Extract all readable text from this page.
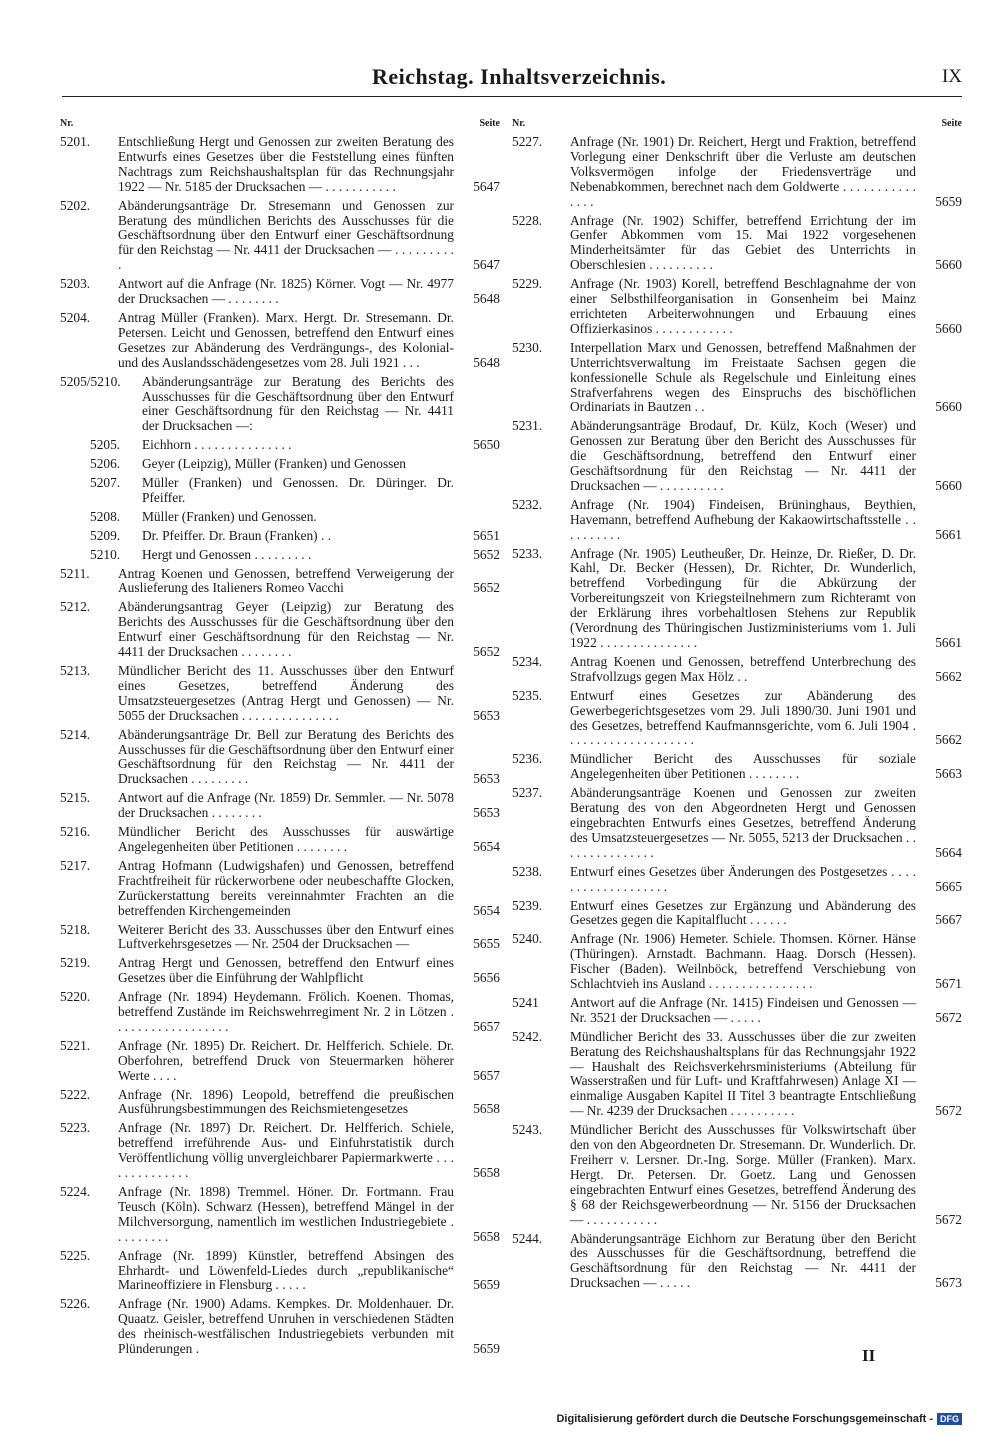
Reichstag. Inhaltsverzeichnis.	IX
Nr.	Seite
5201.	Entschließung Hergt und Genossen zur zweiten Beratung des Entwurfs eines Gesetzes über die Feststellung eines fünften Nachtrags zum Reichshaushaltsplan für das Rechnungsjahr 1922 — Nr. 5185 der Drucksachen — . . . . . . . . . . .	5647
5202.	Abänderungsanträge Dr. Stresemann und Genossen zur Beratung des mündlichen Berichts des Ausschusses für die Geschäftsordnung über den Entwurf einer Geschäftsordnung für den Reichstag — Nr. 4411 der Drucksachen — . . . . . . . . . .	5647
5203.	Antwort auf die Anfrage (Nr. 1825) Körner. Vogt — Nr. 4977 der Drucksachen — . . . . . . . .	5648
5204.	Antrag Müller (Franken). Marx. Hergt. Dr. Stresemann. Dr. Petersen. Leicht und Genossen, betreffend den Entwurf eines Gesetzes zur Abänderung des Verdrängungs-, des Kolonial- und des Auslandsschädengesetzes vom 28. Juli 1921 . . .	5648
5205/5210.	Abänderungsanträge zur Beratung des Berichts des Ausschusses für die Geschäftsordnung über den Entwurf einer Geschäftsordnung für den Reichstag — Nr. 4411 der Drucksachen —:
5205.	Eichhorn . . . . . . . . . . . . . . .	5650
5206.	Geyer (Leipzig), Müller (Franken) und Genossen
5207.	Müller (Franken) und Genossen. Dr. Düringer. Dr. Pfeiffer.
5208.	Müller (Franken) und Genossen.
5209.	Dr. Pfeiffer. Dr. Braun (Franken) . .	5651
5210.	Hergt und Genossen . . . . . . . . .	5652
5211.	Antrag Koenen und Genossen, betreffend Verweigerung der Auslieferung des Italieners Romeo Vacchi	5652
5212.	Abänderungsantrag Geyer (Leipzig) zur Beratung des Berichts des Ausschusses für die Geschäftsordnung über den Entwurf einer Geschäftsordnung für den Reichstag — Nr. 4411 der Drucksachen . . . . . . . .	5652
5213.	Mündlicher Bericht des 11. Ausschusses über den Entwurf eines Gesetzes, betreffend Änderung des Umsatzsteuergesetzes (Antrag Hergt und Genossen) — Nr. 5055 der Drucksachen . . . . . . . . . . . . . . .	5653
5214.	Abänderungsanträge Dr. Bell zur Beratung des Berichts des Ausschusses für die Geschäftsordnung über den Entwurf einer Geschäftsordnung für den Reichstag — Nr. 4411 der Drucksachen . . . . . . . . .	5653
5215.	Antwort auf die Anfrage (Nr. 1859) Dr. Semmler. — Nr. 5078 der Drucksachen . . . . . . . .	5653
5216.	Mündlicher Bericht des Ausschusses für auswärtige Angelegenheiten über Petitionen . . . . . . . .	5654
5217.	Antrag Hofmann (Ludwigshafen) und Genossen, betreffend Frachtfreiheit für rückerworbene oder neubeschaffte Glocken, Zurückerstattung bereits vereinnahmter Frachten an die betreffenden Kirchengemeinden	5654
5218.	Weiterer Bericht des 33. Ausschusses über den Entwurf eines Luftverkehrsgesetzes — Nr. 2504 der Drucksachen —	5655
5219.	Antrag Hergt und Genossen, betreffend den Entwurf eines Gesetzes über die Einführung der Wahlpflicht	5656
5220.	Anfrage (Nr. 1894) Heydemann. Frölich. Koenen. Thomas, betreffend Zustände im Reichswehrregiment Nr. 2 in Lötzen . . . . . . . . . . . . . . . . . .	5657
5221.	Anfrage (Nr. 1895) Dr. Reichert. Dr. Helfferich. Schiele. Dr. Oberfohren, betreffend Druck von Steuermarken höherer Werte . . . .	5657
5222.	Anfrage (Nr. 1896) Leopold, betreffend die preußischen Ausführungsbestimmungen des Reichsmietengesetzes	5658
5223.	Anfrage (Nr. 1897) Dr. Reichert. Dr. Helfferich. Schiele, betreffend irreführende Aus- und Einfuhrstatistik durch Veröffentlichung völlig unvergleichbarer Papiermarkwerte . . . . . . . . . . . . . .	5658
5224.	Anfrage (Nr. 1898) Tremmel. Höner. Dr. Fortmann. Frau Teusch (Köln). Schwarz (Hessen), betreffend Mängel in der Milchversorgung, namentlich im westlichen Industriegebiete . . . . . . . . .	5658
5225.	Anfrage (Nr. 1899) Künstler, betreffend Absingen des Ehrhardt- und Löwenfeld-Liedes durch „republikanische“ Marineoffiziere in Flensburg . . . . .	5659
5226.	Anfrage (Nr. 1900) Adams. Kempkes. Dr. Moldenhauer. Dr. Quaatz. Geisler, betreffend Unruhen in verschiedenen Städten des rheinisch-westfälischen Industriegebiets verbunden mit Plünderungen .	5659
Nr.	Seite
5227.	Anfrage (Nr. 1901) Dr. Reichert, Hergt und Fraktion, betreffend Vorlegung einer Denkschrift über die Verluste am deutschen Volksvermögen infolge der Friedensverträge und Nebenabkommen, berechnet nach dem Goldwerte . . . . . . . . . . . . . . .	5659
5228.	Anfrage (Nr. 1902) Schiffer, betreffend Errichtung der im Genfer Abkommen vom 15. Mai 1922 vorgesehenen Minderheitsämter für das Gebiet des Unterrichts in Oberschlesien . . . . . . . . . .	5660
5229.	Anfrage (Nr. 1903) Korell, betreffend Beschlagnahme der von einer Selbsthilfeorganisation in Gonsenheim bei Mainz errichteten Arbeiterwohnungen und Erbauung eines Offizierkasinos . . . . . . . . . . . .	5660
5230.	Interpellation Marx und Genossen, betreffend Maßnahmen der Unterrichtsverwaltung im Freistaate Sachsen gegen die konfessionelle Schule als Regelschule und Einleitung eines Strafverfahrens wegen des Einspruchs des bischöflichen Ordinariats in Bautzen . .	5660
5231.	Abänderungsanträge Brodauf, Dr. Külz, Koch (Weser) und Genossen zur Beratung über den Bericht des Ausschusses für die Geschäftsordnung, betreffend den Entwurf einer Geschäftsordnung für den Reichstag — Nr. 4411 der Drucksachen — . . . . . . . . . .	5660
5232.	Anfrage (Nr. 1904) Findeisen, Brüninghaus, Beythien, Havemann, betreffend Aufhebung der Kakaowirtschaftsstelle . . . . . . . . . .	5661
5233.	Anfrage (Nr. 1905) Leutheußer, Dr. Heinze, Dr. Rießer, D. Dr. Kahl, Dr. Becker (Hessen), Dr. Richter, Dr. Wunderlich, betreffend Vorbedingung für die Abkürzung der Vorbereitungszeit von Kriegsteilnehmern zum Richteramt von der Erklärung ihres vorbehaltlosen Stehens zur Republik (Verordnung des Thüringischen Justizministeriums vom 1. Juli 1922 . . . . . . . . . . . . . . .	5661
5234.	Antrag Koenen und Genossen, betreffend Unterbrechung des Strafvollzugs gegen Max Hölz . .	5662
5235.	Entwurf eines Gesetzes zur Abänderung des Gewerbegerichtsgesetzes vom 29. Juli 1890/30. Juni 1901 und des Gesetzes, betreffend Kaufmannsgerichte, vom 6. Juli 1904 . . . . . . . . . . . . . . . . . . . .	5662
5236.	Mündlicher Bericht des Ausschusses für soziale Angelegenheiten über Petitionen . . . . . . . .	5663
5237.	Abänderungsanträge Koenen und Genossen zur zweiten Beratung des von den Abgeordneten Hergt und Genossen eingebrachten Entwurfs eines Gesetzes, betreffend Änderung des Umsatzsteuergesetzes — Nr. 5055, 5213 der Drucksachen . . . . . . . . . . . . . . .	5664
5238.	Entwurf eines Gesetzes über Änderungen des Postgesetzes . . . . . . . . . . . . . . . . . . .	5665
5239.	Entwurf eines Gesetzes zur Ergänzung und Abänderung des Gesetzes gegen die Kapitalflucht . . . . . .	5667
5240.	Anfrage (Nr. 1906) Hemeter. Schiele. Thomsen. Körner. Hänse (Thüringen). Arnstadt. Bachmann. Haag. Dorsch (Hessen). Fischer (Baden). Weilnböck, betreffend Verschiebung von Schlachtvieh ins Ausland . . . . . . . . . . . . . . . .	5671
5241	Antwort auf die Anfrage (Nr. 1415) Findeisen und Genossen — Nr. 3521 der Drucksachen — . . . . .	5672
5242.	Mündlicher Bericht des 33. Ausschusses über die zur zweiten Beratung des Reichshaushaltsplans für das Rechnungsjahr 1922 — Haushalt des Reichsverkehrsministeriums (Abteilung für Wasserstraßen und für Luft- und Kraftfahrwesen) Anlage XI — einmalige Ausgaben Kapitel II Titel 3 beantragte Entschließung — Nr. 4239 der Drucksachen . . . . . . . . . .	5672
5243.	Mündlicher Bericht des Ausschusses für Volkswirtschaft über den von den Abgeordneten Dr. Stresemann. Dr. Wunderlich. Dr. Freiherr v. Lersner. Dr.-Ing. Sorge. Müller (Franken). Marx. Hergt. Dr. Petersen. Dr. Goetz. Lang und Genossen eingebrachten Entwurf eines Gesetzes, betreffend Änderung des § 68 der Reichsgewerbeordnung — Nr. 5156 der Drucksachen — . . . . . . . . . . .	5672
5244.	Abänderungsanträge Eichhorn zur Beratung über den Bericht des Ausschusses für die Geschäftsordnung, betreffend die Geschäftsordnung für den Reichstag — Nr. 4411 der Drucksachen — . . . . .	5673
II
Digitalisierung gefördert durch die Deutsche Forschungsgemeinschaft - DFG
